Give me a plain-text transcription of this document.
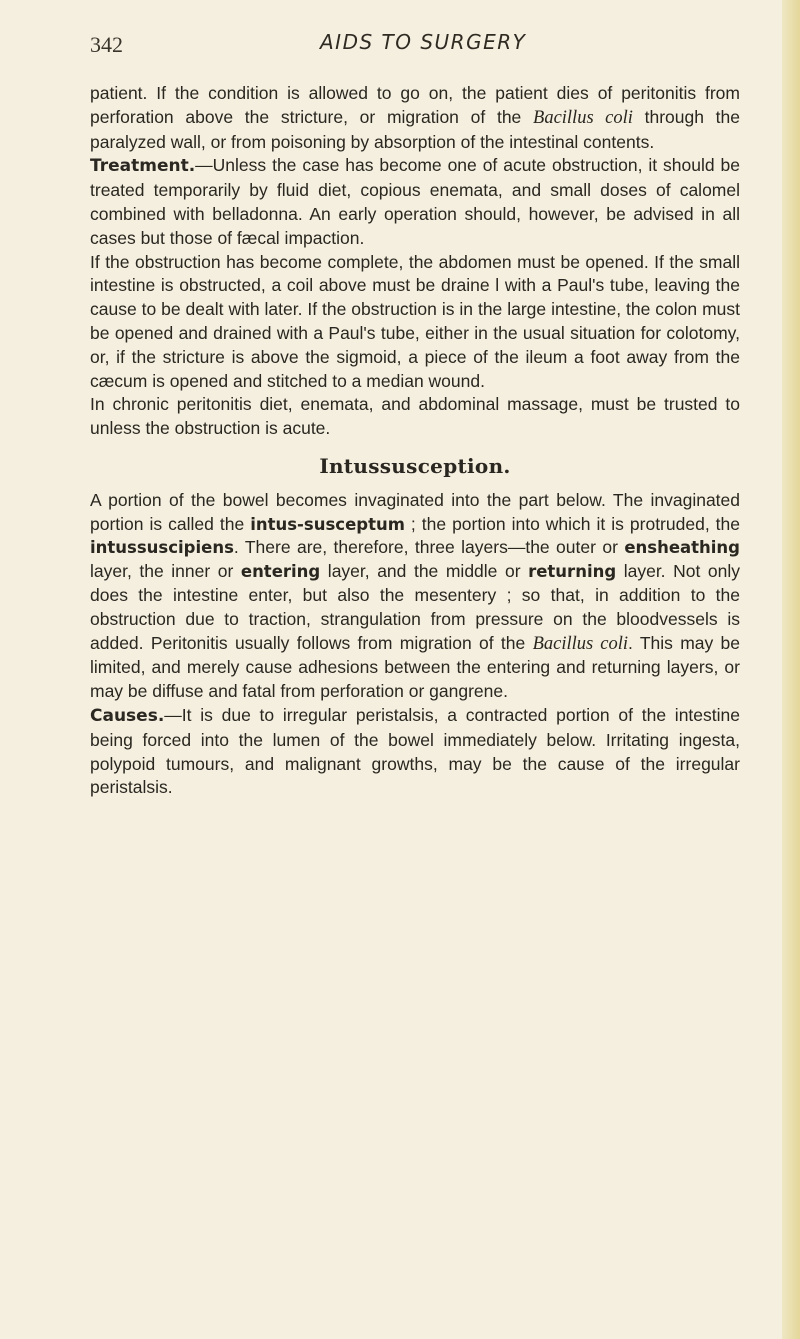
342	AIDS TO SURGERY

patient. If the condition is allowed to go on, the patient dies of peritonitis from perforation above the stricture, or migration of the Bacillus coli through the paralyzed wall, or from poisoning by absorption of the intestinal contents.

Treatment.—Unless the case has become one of acute obstruction, it should be treated temporarily by fluid diet, copious enemata, and small doses of calomel combined with belladonna. An early operation should, however, be advised in all cases but those of fæcal impaction.

If the obstruction has become complete, the abdomen must be opened. If the small intestine is obstructed, a coil above must be draine l with a Paul's tube, leaving the cause to be dealt with later. If the obstruction is in the large intestine, the colon must be opened and drained with a Paul's tube, either in the usual situation for colotomy, or, if the stricture is above the sigmoid, a piece of the ileum a foot away from the cæcum is opened and stitched to a median wound.

In chronic peritonitis diet, enemata, and abdominal massage, must be trusted to unless the obstruction is acute.

Intussusception.

A portion of the bowel becomes invaginated into the part below. The invaginated portion is called the intus-susceptum ; the portion into which it is protruded, the intussuscipiens. There are, therefore, three layers—the outer or ensheathing layer, the inner or entering layer, and the middle or returning layer. Not only does the intestine enter, but also the mesentery ; so that, in addition to the obstruction due to traction, strangulation from pressure on the bloodvessels is added. Peritonitis usually follows from migration of the Bacillus coli. This may be limited, and merely cause adhesions between the entering and returning layers, or may be diffuse and fatal from perforation or gangrene.

Causes.—It is due to irregular peristalsis, a contracted portion of the intestine being forced into the lumen of the bowel immediately below. Irritating ingesta, polypoid tumours, and malignant growths, may be the cause of the irregular peristalsis.
